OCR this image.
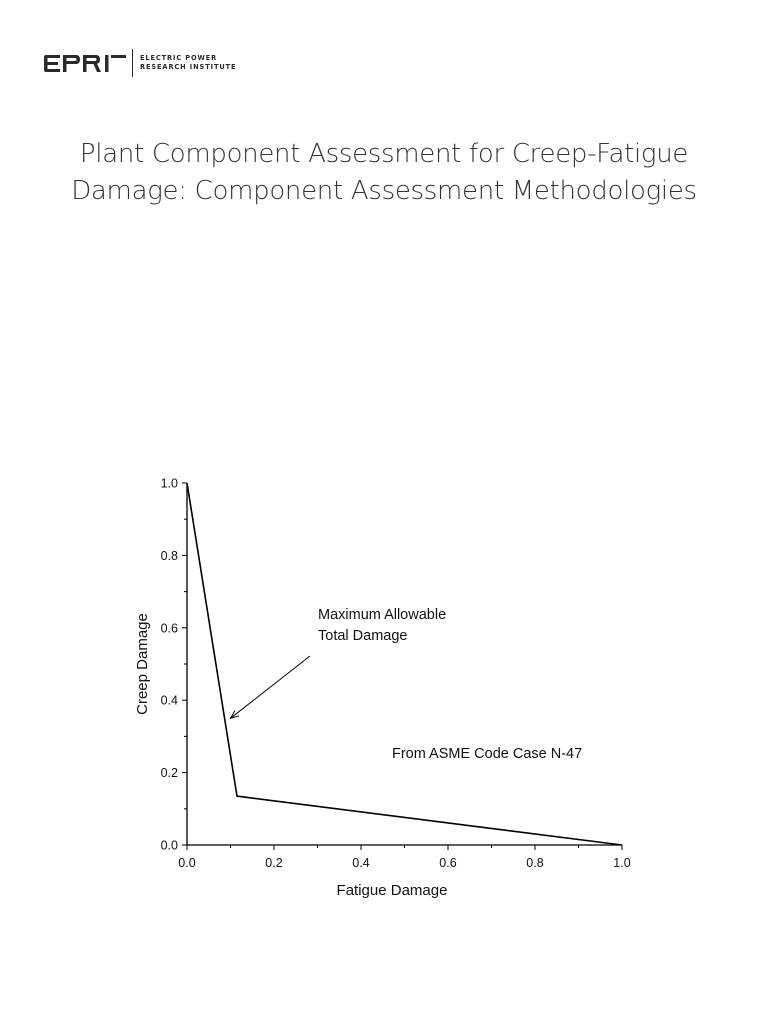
ELECTRIC POWER
RESEARCH INSTITUTE
Plant Component Assessment for Creep-Fatigue
Damage: Component Assessment Methodologies
0.0	0.2	0.4	0.6	0.8	1.0
0.0
0.2
0.4
0.6
0.8
1.0
Maximum Allowable
Total Damage
From ASME Code Case N-47
Fatigue Damage
Creep Damage
